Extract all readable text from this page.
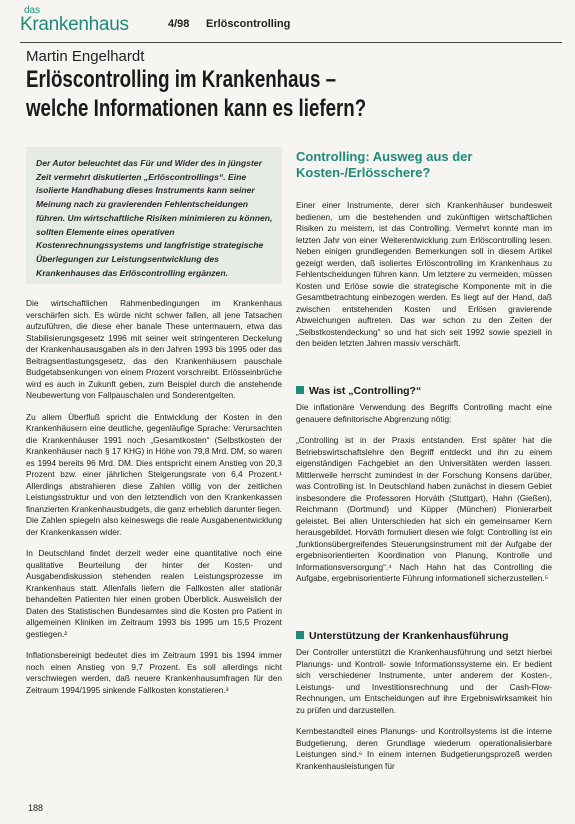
das
Krankenhaus	4/98 Erlöscontrolling
Martin Engelhardt
Erlöscontrolling im Krankenhaus –
welche Informationen kann es liefern?

Der Autor beleuchtet das Für und Wider des in jüngster Zeit vermehrt diskutierten „Erlöscontrollings“. Eine isolierte Handhabung dieses Instruments kann seiner Meinung nach zu gravierenden Fehlentscheidungen führen. Um wirtschaftliche Risiken minimieren zu können, sollten Elemente eines operativen Kostenrechnungssystems und langfristige strategische Überlegungen zur Leistungsentwicklung des Krankenhauses das Erlöscontrolling ergänzen.

Die wirtschaftlichen Rahmenbedingungen im Krankenhaus verschärfen sich. Es würde nicht schwer fallen, all jene Tatsachen aufzuführen, die diese eher banale These untermauern, etwa das Stabilisierungsgesetz 1996 mit seiner weit stringenteren Deckelung der Krankenhausausgaben als in den Jahren 1993 bis 1995 oder das Beitragsentlastungsgesetz, das den Krankenhäusern pauschale Budgetabsenkungen von einem Prozent vorschreibt. Erlösseinbrüche wird es auch in Zukunft geben, zum Beispiel durch die anstehende Neubewertung von Fallpauschalen und Sonderentgelten.

Zu allem Überfluß spricht die Entwicklung der Kosten in den Krankenhäusern eine deutliche, gegenläufige Sprache: Verursachten die Krankenhäuser 1991 noch „Gesamtkosten“ (Selbstkosten der Krankenhäuser nach § 17 KHG) in Höhe von 79,8 Mrd. DM, so waren es 1994 bereits 96 Mrd. DM. Dies entspricht einem Anstieg von 20,3 Prozent bzw. einer jährlichen Steigerungsrate von 6,4 Prozent.¹ Allerdings abstrahieren diese Zahlen völlig von der zeitlichen Leistungsstruktur und von den letztendlich von den Krankenkassen finanzierten Krankenhausbudgets, die ganz erheblich darunter liegen. Die Zahlen spiegeln also keineswegs die reale Ausgabenentwicklung der Krankenkassen wider.

In Deutschland findet derzeit weder eine quantitative noch eine qualitative Beurteilung der hinter der Kosten- und Ausgabendiskussion stehenden realen Leistungsprozesse im Krankenhaus statt. Allenfalls liefern die Fallkosten aller stationär behandelten Patienten hier einen groben Überblick. Ausweislich der Daten des Statistischen Bundesamtes sind die Kosten pro Patient in allgemeinen Kliniken im Zeitraum 1993 bis 1995 um 15,5 Prozent gestiegen.²

Inflationsbereinigt bedeutet dies im Zeitraum 1991 bis 1994 immer noch einen Anstieg von 9,7 Prozent. Es soll allerdings nicht verschwiegen werden, daß neuere Krankenhausumfragen für den Zeitraum 1994/1995 sinkende Fallkosten konstatieren.³

Controlling: Ausweg aus der Kosten-/Erlösschere?

Einer einer Instrumente, derer sich Krankenhäuser bundesweit bedienen, um die bestehenden und zukünftigen wirtschaftlichen Risiken zu meistern, ist das Controlling. Vermehrt konnte man im letzten Jahr von einer Weiterentwicklung zum Erlöscontrolling lesen. Neben einigen grundlegenden Bemerkungen soll in diesem Artikel gezeigt werden, daß isoliertes Erlöscontrolling im Krankenhaus zu Fehlentscheidungen führen kann. Um letztere zu vermeiden, müssen Kosten und Erlöse sowie die strategische Komponente mit in die Gesamtbetrachtung einbezogen werden. Es liegt auf der Hand, daß zwischen entstehenden Kosten und Erlösen gravierende Abweichungen auftreten. Das war schon zu den Zeiten der „Selbstkostendeckung“ so und hat sich seit 1992 sowie speziell in den beiden letzten Jahren massiv verschärft.

Was ist „Controlling?“

Die inflationäre Verwendung des Begriffs Controlling macht eine genauere definitorische Abgrenzung nötig:

„Controlling ist in der Praxis entstanden. Erst später hat die Betriebswirtschaftslehre den Begriff entdeckt und ihn zu einem eigenständigen Fachgebiet an den Universitäten werden lassen. Mittlerweile herrscht zumindest in der Forschung Konsens darüber, was Controlling ist. In Deutschland haben zunächst in diesem Gebiet insbesondere die Professoren Horváth (Stuttgart), Hahn (Gießen), Reichmann (Dortmund) und Küpper (München) Pionierarbeit geleistet. Bei allen Unterschieden hat sich ein gemeinsamer Kern herausgebildet. Horváth formuliert diesen wie folgt: Controlling ist ein „funktionsübergreifendes Steuerungsinstrument mit der Aufgabe der ergebnisorientierten Koordination von Planung, Kontrolle und Informationsversorgung“.⁴ Nach Hahn hat das Controlling die Aufgabe, ergebnisorientierte Führung informationell sicherzustellen.⁵

Unterstützung der Krankenhausführung

Der Controller unterstützt die Krankenhausführung und setzt hierbei Planungs- und Kontroll- sowie Informationssysteme ein. Er bedient sich verschiedener Instrumente, unter anderem der Kosten-, Leistungs- und Investitionsrechnung und der Cash-Flow-Rechnungen, um Entscheidungen auf ihre Ergebniswirksamkeit hin zu prüfen und darzustellen.

Kernbestandteil eines Planungs- und Kontrollsystems ist die interne Budgetierung, deren Grundlage wiederum operationalisierbare Leistungen sind.⁶ In einem internen Budgetierungsprozeß werden Krankenhausleistungen für

188
